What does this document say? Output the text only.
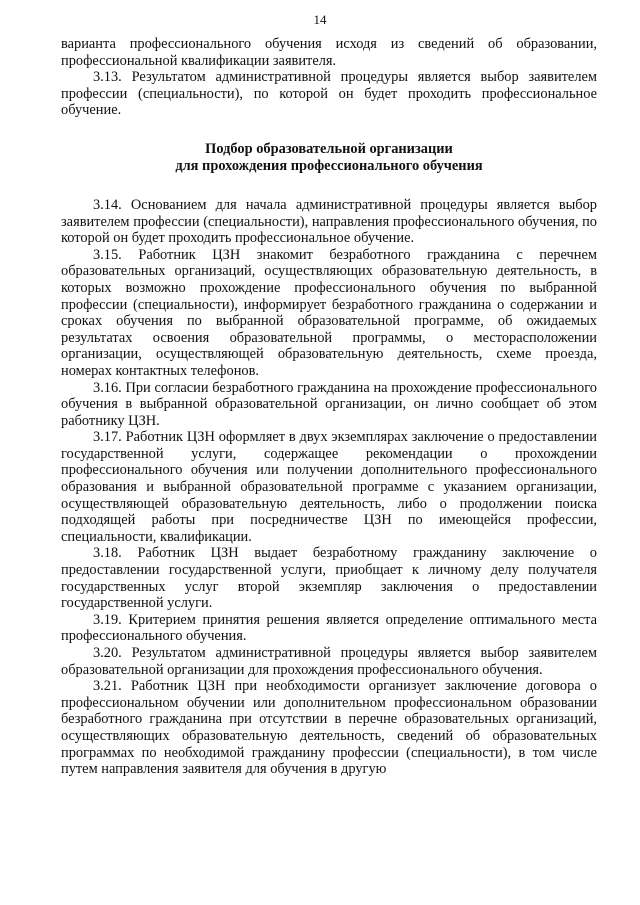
14

варианта профессионального обучения исходя из сведений об образовании, профессиональной квалификации заявителя.

3.13. Результатом административной процедуры является выбор заявителем профессии (специальности), по которой он будет проходить профессиональное обучение.

Подбор образовательной организации
для прохождения профессионального обучения

3.14. Основанием для начала административной процедуры является выбор заявителем профессии (специальности), направления профессионального обучения, по которой он будет проходить профессиональное обучение.

3.15. Работник ЦЗН знакомит безработного гражданина с перечнем образовательных организаций, осуществляющих образовательную деятельность, в которых возможно прохождение профессионального обучения по выбранной профессии (специальности), информирует безработного гражданина о содержании и сроках обучения по выбранной образовательной программе, об ожидаемых результатах освоения образовательной программы, о месторасположении организации, осуществляющей образовательную деятельность, схеме проезда, номерах контактных телефонов.

3.16. При согласии безработного гражданина на прохождение профессионального обучения в выбранной образовательной организации, он лично сообщает об этом работнику ЦЗН.

3.17. Работник ЦЗН оформляет в двух экземплярах заключение о предоставлении государственной услуги, содержащее рекомендации о прохождении профессионального обучения или получении дополнительного профессионального образования и выбранной образовательной программе с указанием организации, осуществляющей образовательную деятельность, либо о продолжении поиска подходящей работы при посредничестве ЦЗН по имеющейся профессии, специальности, квалификации.

3.18. Работник ЦЗН выдает безработному гражданину заключение о предоставлении государственной услуги, приобщает к личному делу получателя государственных услуг второй экземпляр заключения о предоставлении государственной услуги.

3.19. Критерием принятия решения является определение оптимального места профессионального обучения.

3.20. Результатом административной процедуры является выбор заявителем образовательной организации для прохождения профессионального обучения.

3.21. Работник ЦЗН при необходимости организует заключение договора о профессиональном обучении или дополнительном профессиональном образовании безработного гражданина при отсутствии в перечне образовательных организаций, осуществляющих образовательную деятельность, сведений об образовательных программах по необходимой гражданину профессии (специальности), в том числе путем направления заявителя для обучения в другую
